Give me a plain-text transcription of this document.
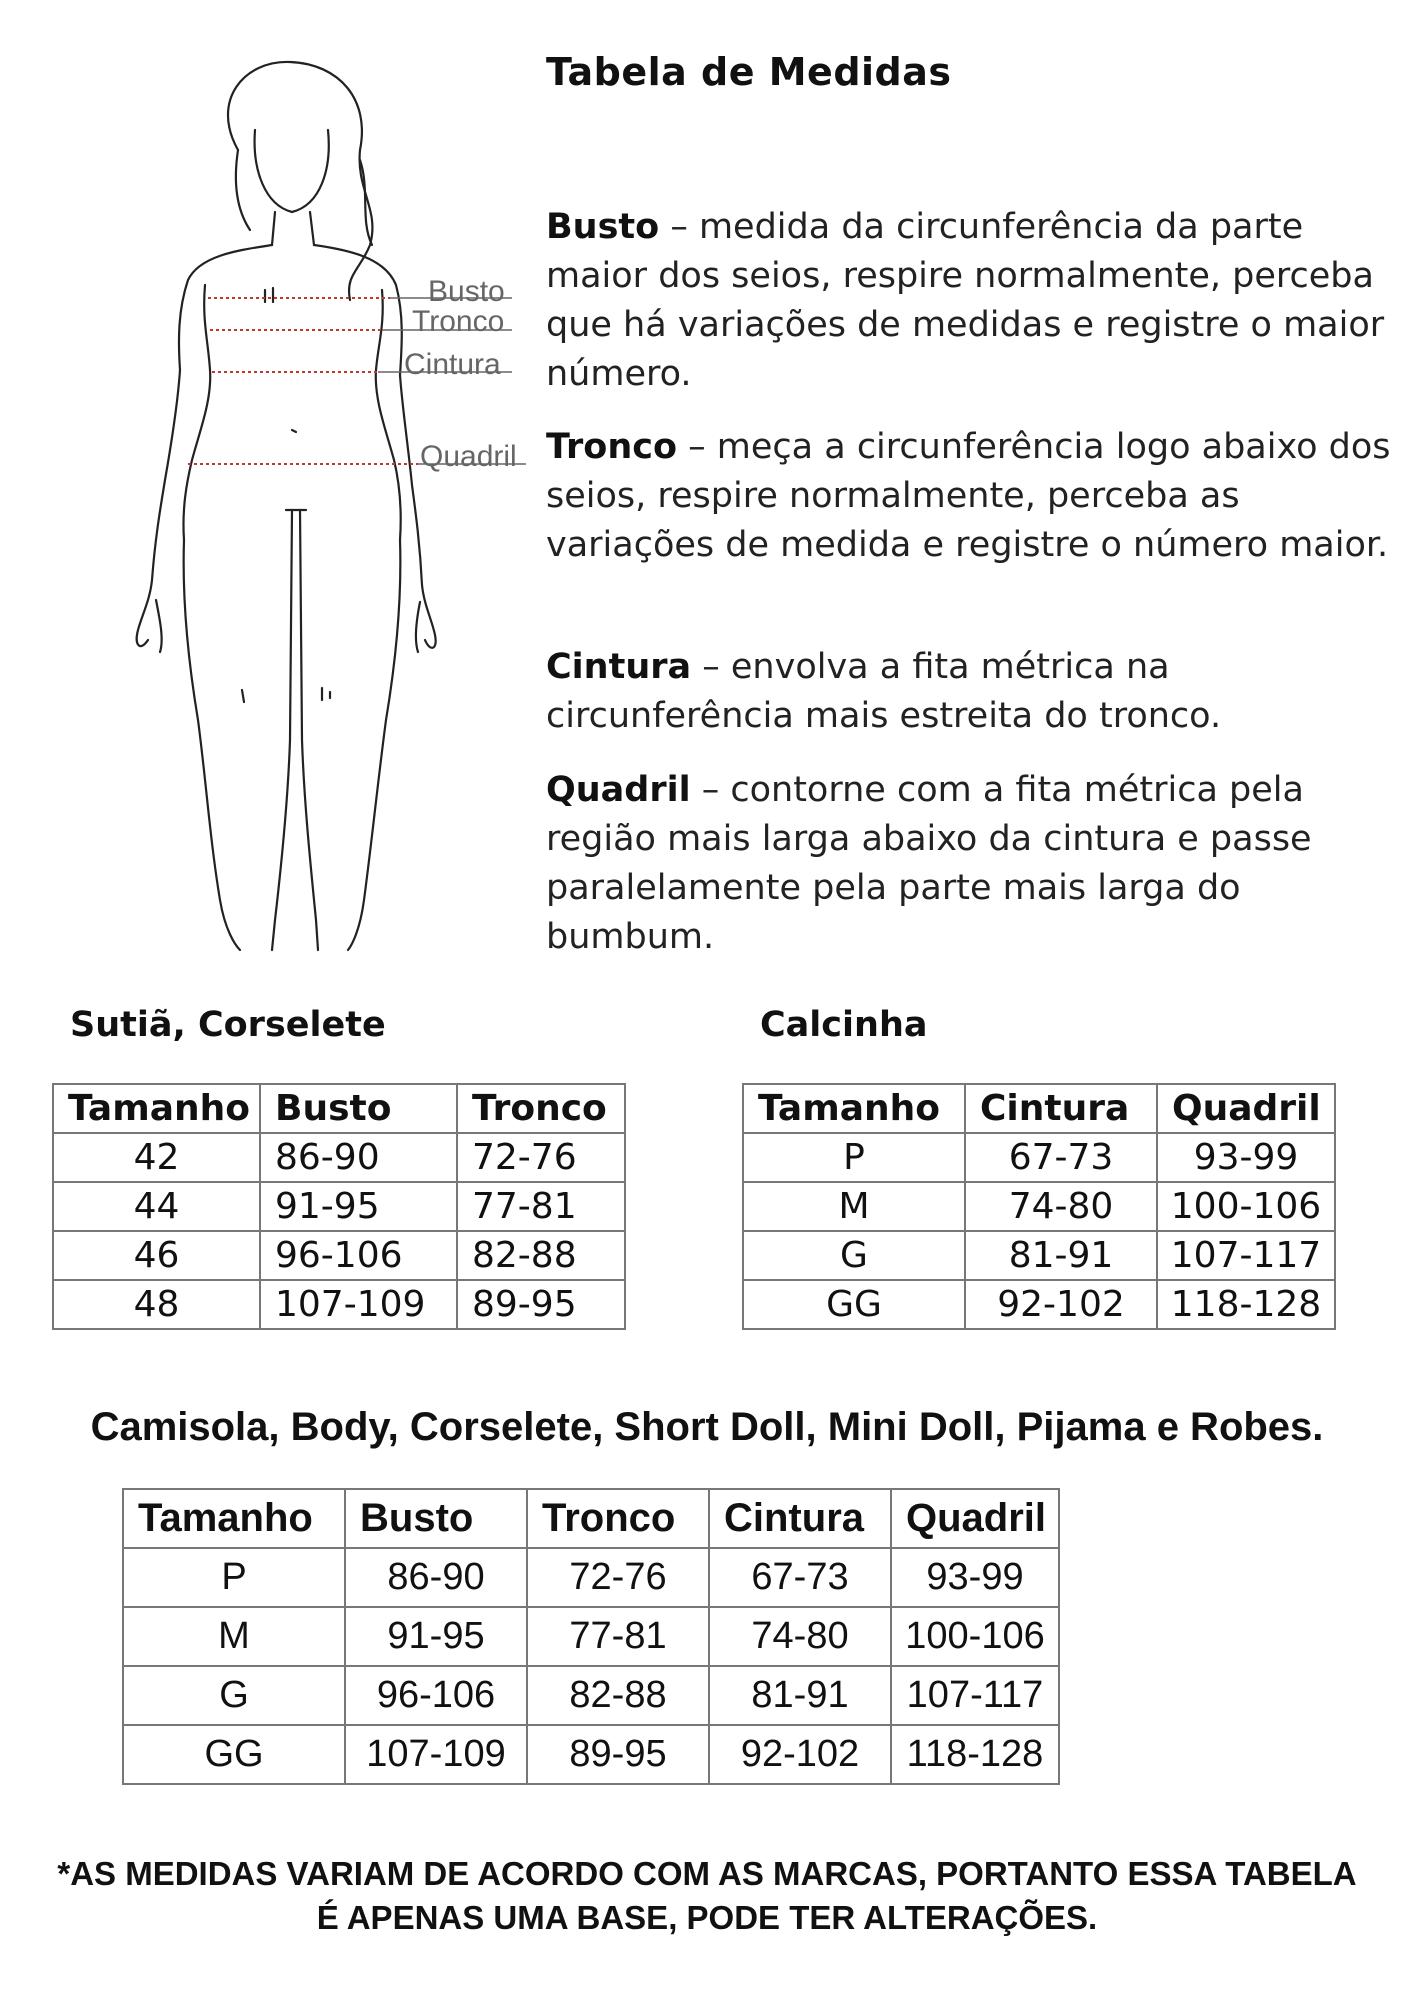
Busto
Tronco
Cintura
Quadril
Tabela de Medidas
Busto – medida da circunferência da parte maior dos seios, respire normalmente, perceba que há variações de medidas e registre o maior número.
Tronco – meça a circunferência logo abaixo dos seios, respire normalmente, perceba as variações de medida e registre o número maior.
Cintura – envolva a fita métrica na circunferência mais estreita do tronco.
Quadril – contorne com a fita métrica pela região mais larga abaixo da cintura e passe paralelamente pela parte mais larga do bumbum.
Sutiã, Corselete
Tamanho	Busto	Tronco
42	86-90	72-76
44	91-95	77-81
46	96-106	82-88
48	107-109	89-95
Calcinha
Tamanho	Cintura	Quadril
P	67-73	93-99
M	74-80	100-106
G	81-91	107-117
GG	92-102	118-128
Camisola, Body, Corselete, Short Doll, Mini Doll, Pijama e Robes.
Tamanho	Busto	Tronco	Cintura	Quadril
P	86-90	72-76	67-73	93-99
M	91-95	77-81	74-80	100-106
G	96-106	82-88	81-91	107-117
GG	107-109	89-95	92-102	118-128
*AS MEDIDAS VARIAM DE ACORDO COM AS MARCAS, PORTANTO ESSA TABELA
É APENAS UMA BASE, PODE TER ALTERAÇÕES.
